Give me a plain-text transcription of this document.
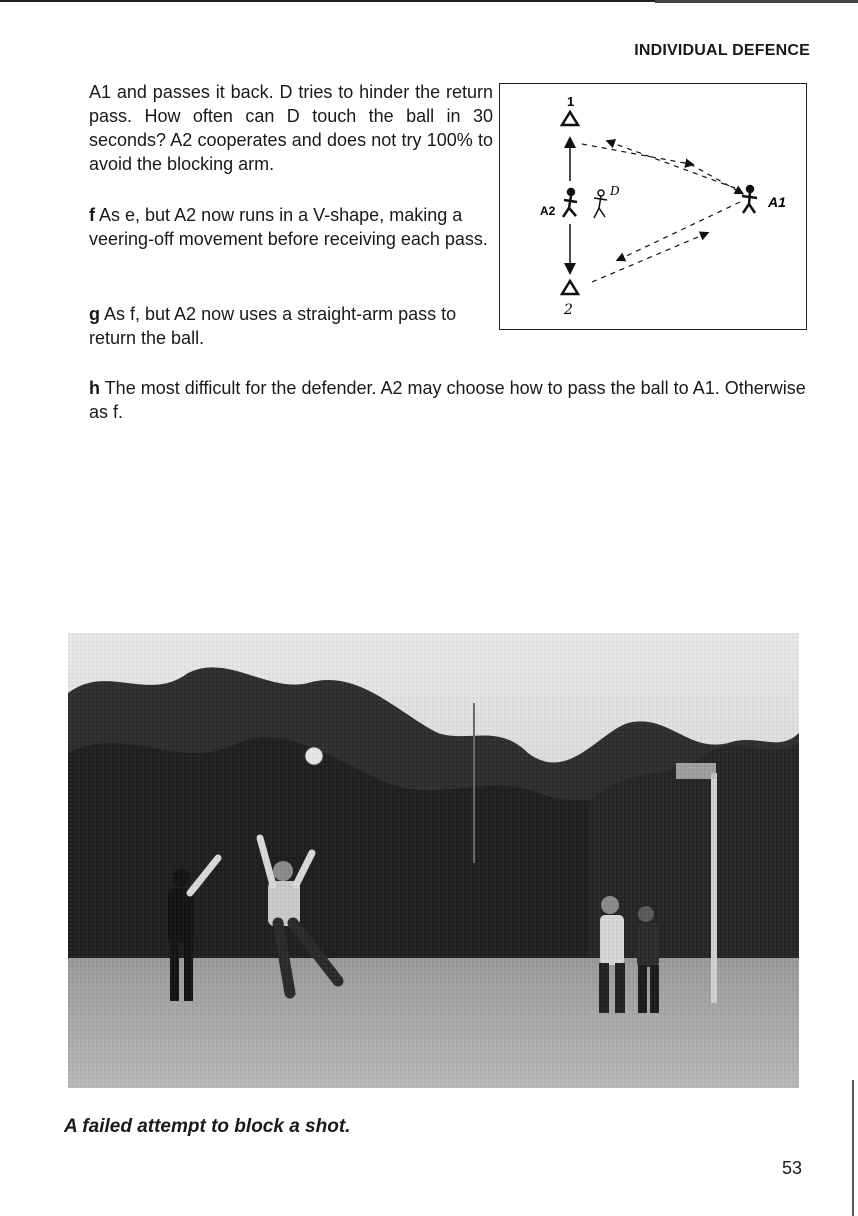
INDIVIDUAL DEFENCE

A1 and passes it back. D tries to hinder the return pass. How often can D touch the ball in 30 seconds? A2 cooperates and does not try 100% to avoid the blocking arm.

f As e, but A2 now runs in a V-shape, making a veering-off movement before receiving each pass.

g As f, but A2 now uses a straight-arm pass to return the ball.

h The most difficult for the defender. A2 may choose how to pass the ball to A1. Otherwise as f.

1
2
A2
D
A1
A failed attempt to block a shot.
53
